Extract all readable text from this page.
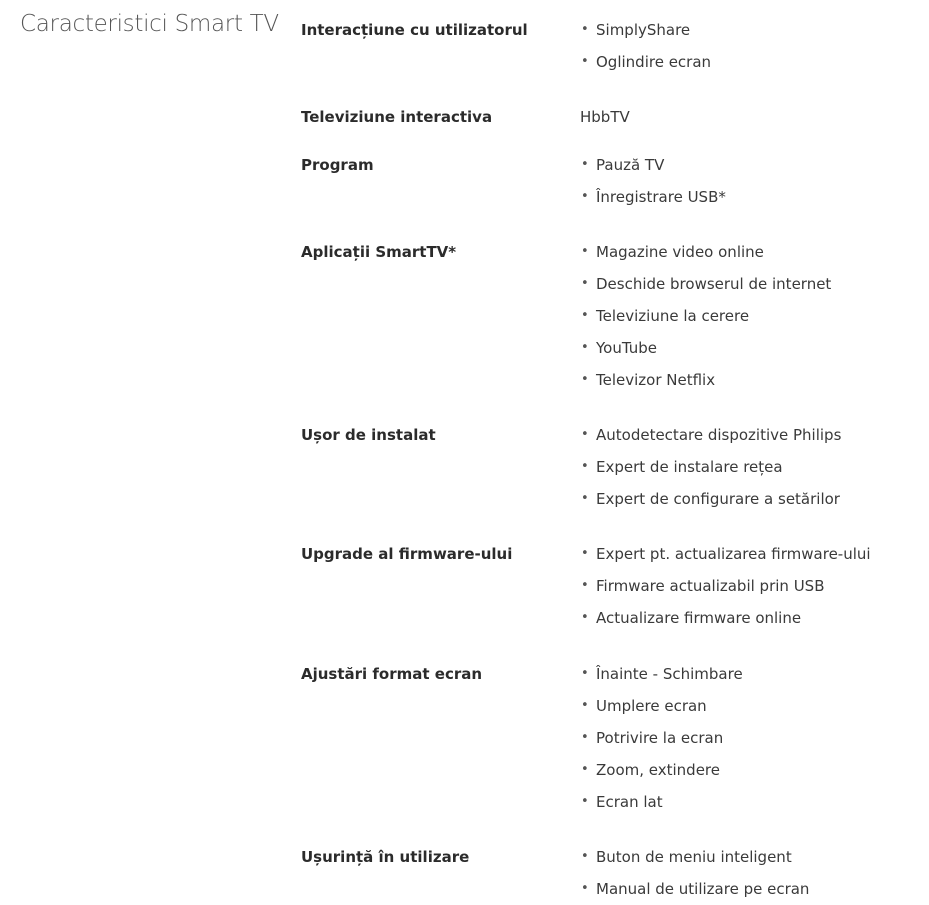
Caracteristici Smart TV Interacțiune cu utilizatorul	• SimplyShare
• Oglindire ecran
Televiziune interactiva	HbbTV
Program	• Pauză TV
• Înregistrare USB*
Aplicații SmartTV*	• Magazine video online
• Deschide browserul de internet
• Televiziune la cerere
• YouTube
• Televizor Netflix
Ușor de instalat	• Autodetectare dispozitive Philips
• Expert de instalare rețea
• Expert de configurare a setărilor
Upgrade al firmware-ului	• Expert pt. actualizarea firmware-ului
• Firmware actualizabil prin USB
• Actualizare firmware online
Ajustări format ecran	• Înainte - Schimbare
• Umplere ecran
• Potrivire la ecran
• Zoom, extindere
• Ecran lat
Ușurință în utilizare	• Buton de meniu inteligent
• Manual de utilizare pe ecran
